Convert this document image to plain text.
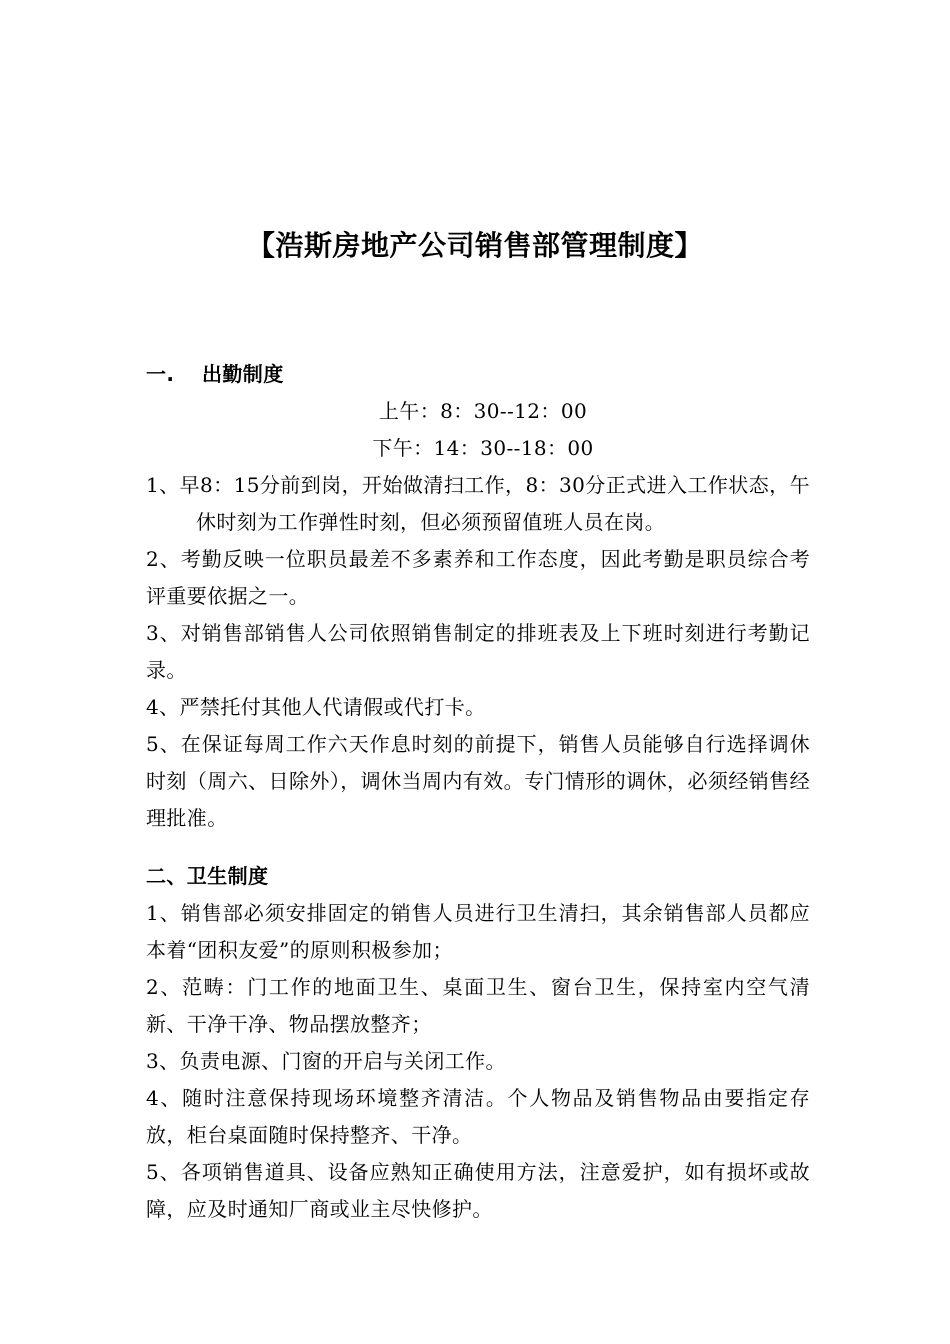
【浩斯房地产公司销售部管理制度】
一. 出勤制度
上午：8：30--12：00
下午：14：30--18：00

1、早8：15分前到岗，开始做清扫工作，8：30分正式进入工作状态，午休时刻为工作弹性时刻，但必须预留值班人员在岗。

2、考勤反映一位职员最差不多素养和工作态度，因此考勤是职员综合考评重要依据之一。

3、对销售部销售人公司依照销售制定的排班表及上下班时刻进行考勤记录。

4、严禁托付其他人代请假或代打卡。

5、在保证每周工作六天作息时刻的前提下，销售人员能够自行选择调休时刻（周六、日除外），调休当周内有效。专门情形的调休，必须经销售经理批准。

二、卫生制度

1、销售部必须安排固定的销售人员进行卫生清扫，其余销售部人员都应本着“团积友爱”的原则积极参加；

2、范畴：门工作的地面卫生、桌面卫生、窗台卫生，保持室内空气清新、干净干净、物品摆放整齐；

3、负责电源、门窗的开启与关闭工作。

4、随时注意保持现场环境整齐清洁。个人物品及销售物品由要指定存放，柜台桌面随时保持整齐、干净。

5、各项销售道具、设备应熟知正确使用方法，注意爱护，如有损坏或故障，应及时通知厂商或业主尽快修护。
